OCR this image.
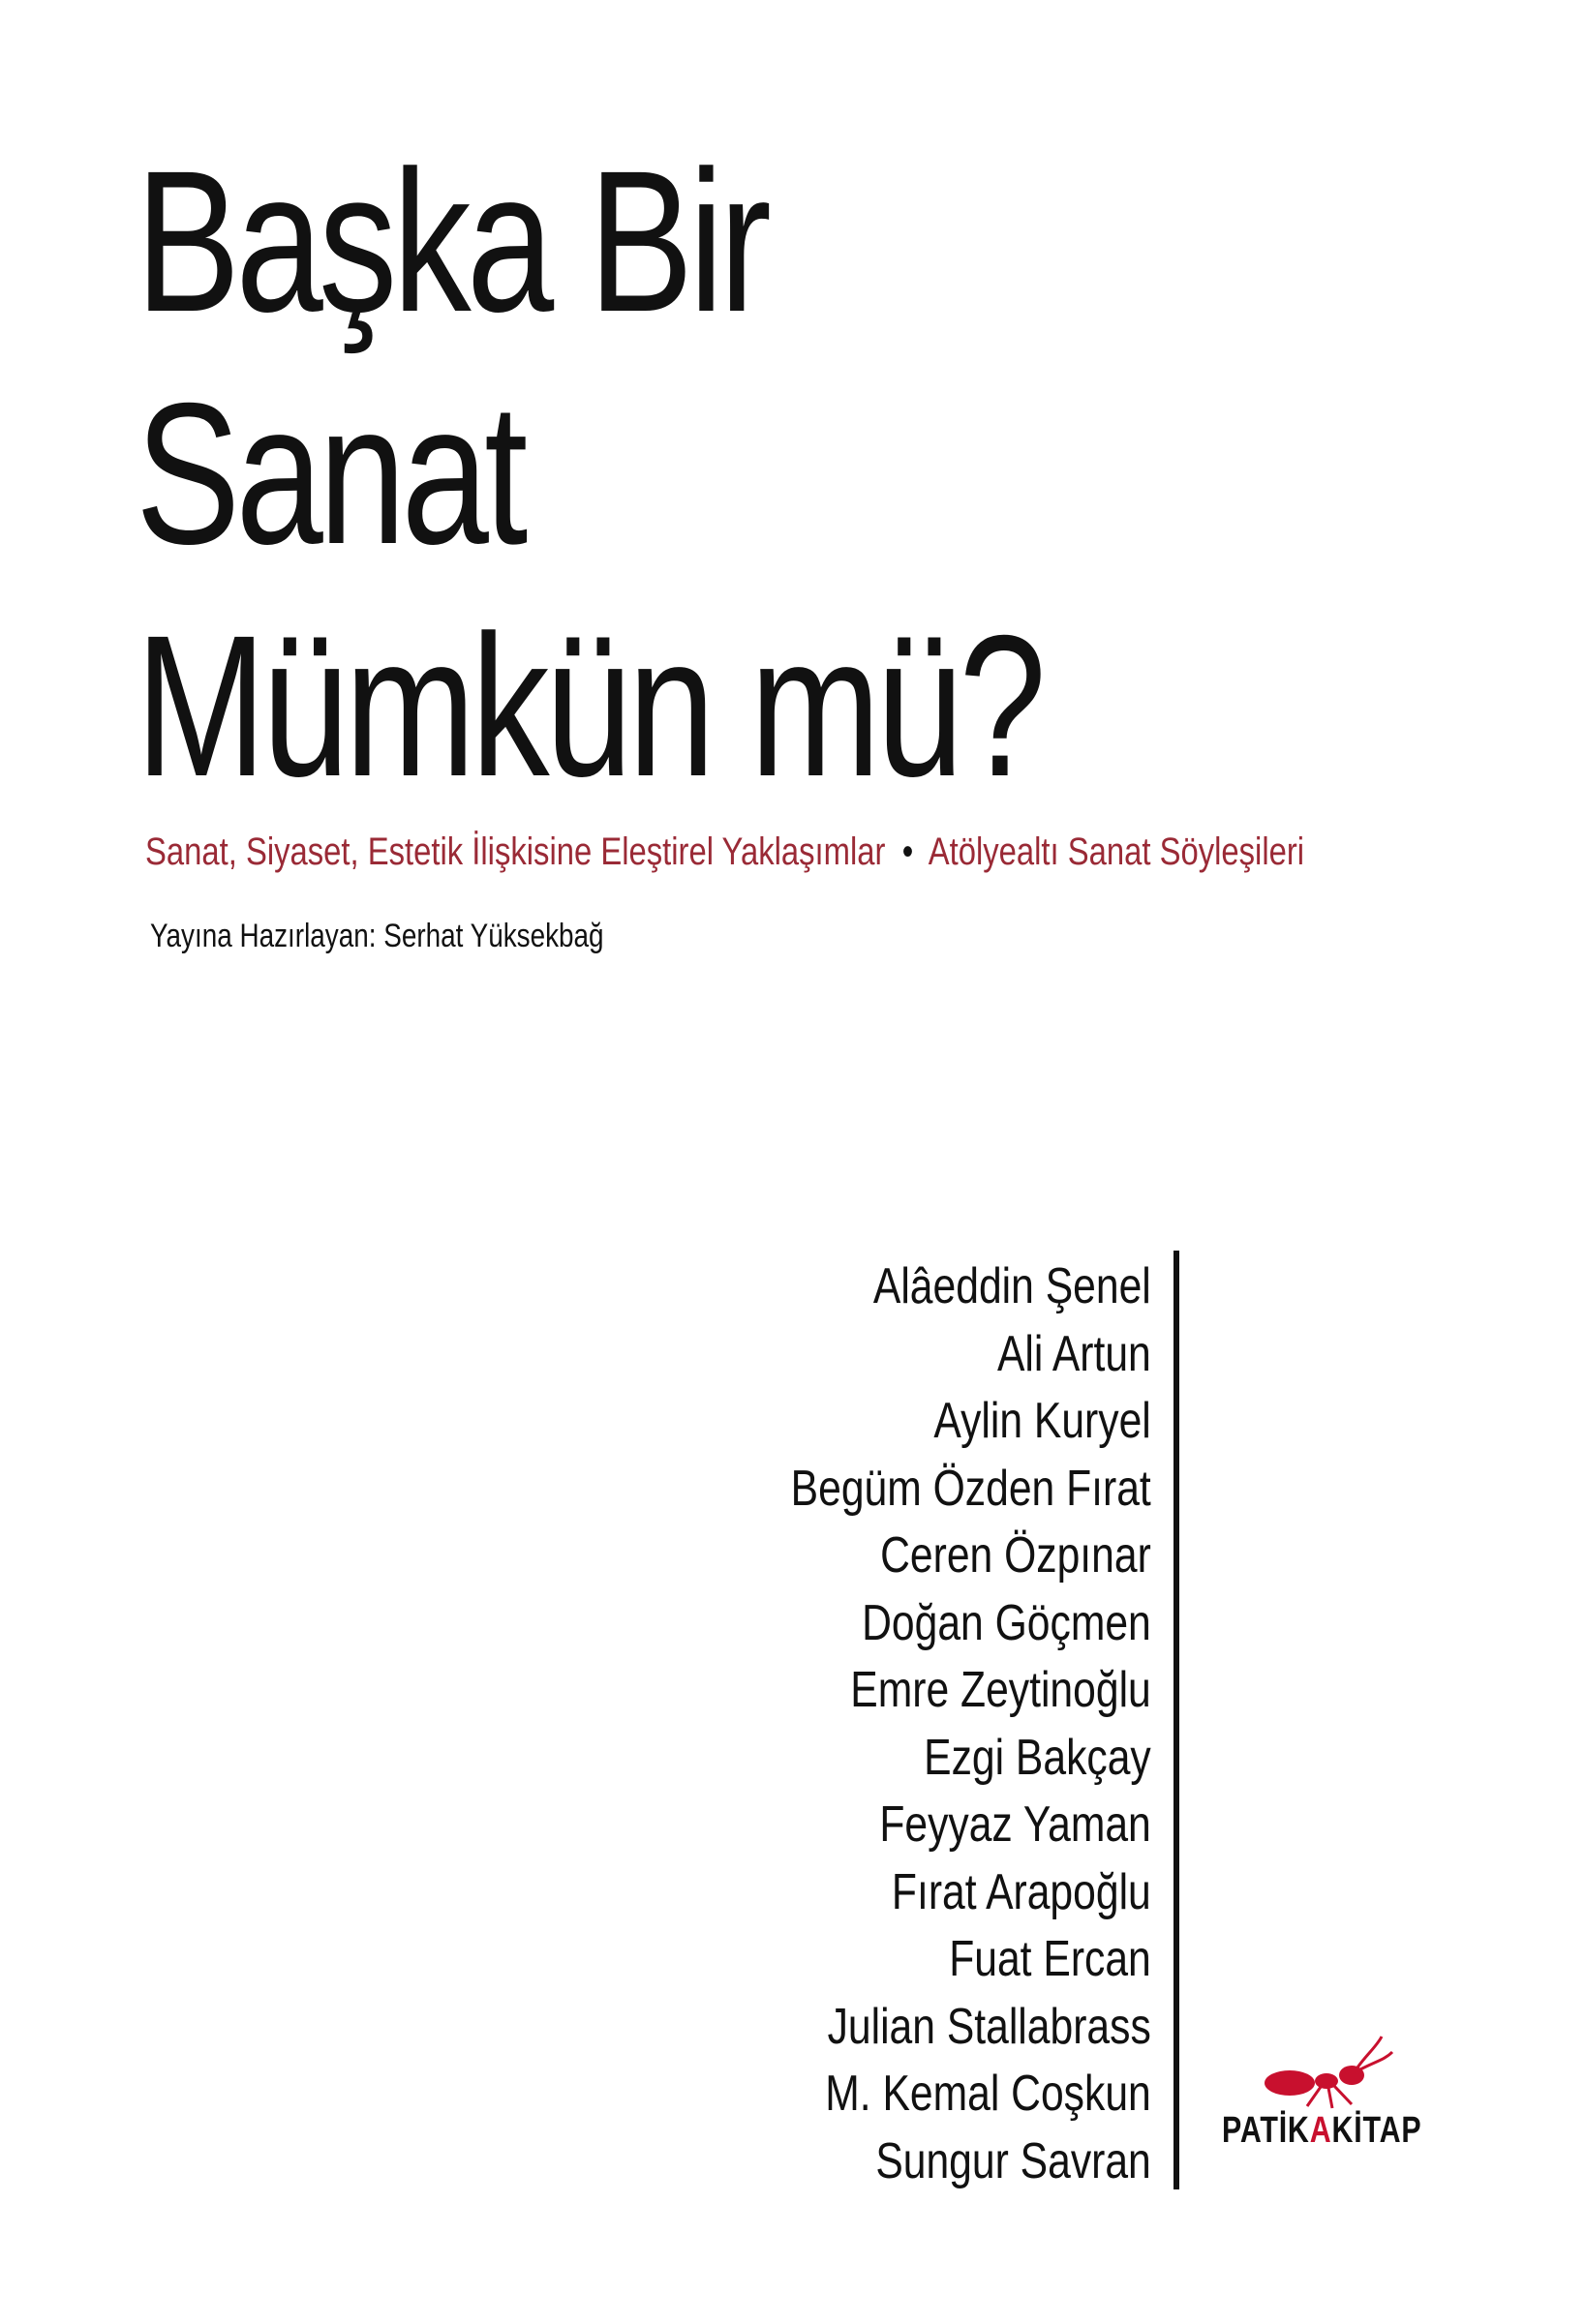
Başka Bir
Sanat
Mümkün mü?
Sanat, Siyaset, Estetik İlişkisine Eleştirel Yaklaşımlar • Atölyealtı Sanat Söyleşileri
Yayına Hazırlayan: Serhat Yüksekbağ
Alâeddin Şenel
Ali Artun
Aylin Kuryel
Begüm Özden Fırat
Ceren Özpınar
Doğan Göçmen
Emre Zeytinoğlu
Ezgi Bakçay
Feyyaz Yaman
Fırat Arapoğlu
Fuat Ercan
Julian Stallabrass
M. Kemal Coşkun
Sungur Savran
PATİKAKİTAP
